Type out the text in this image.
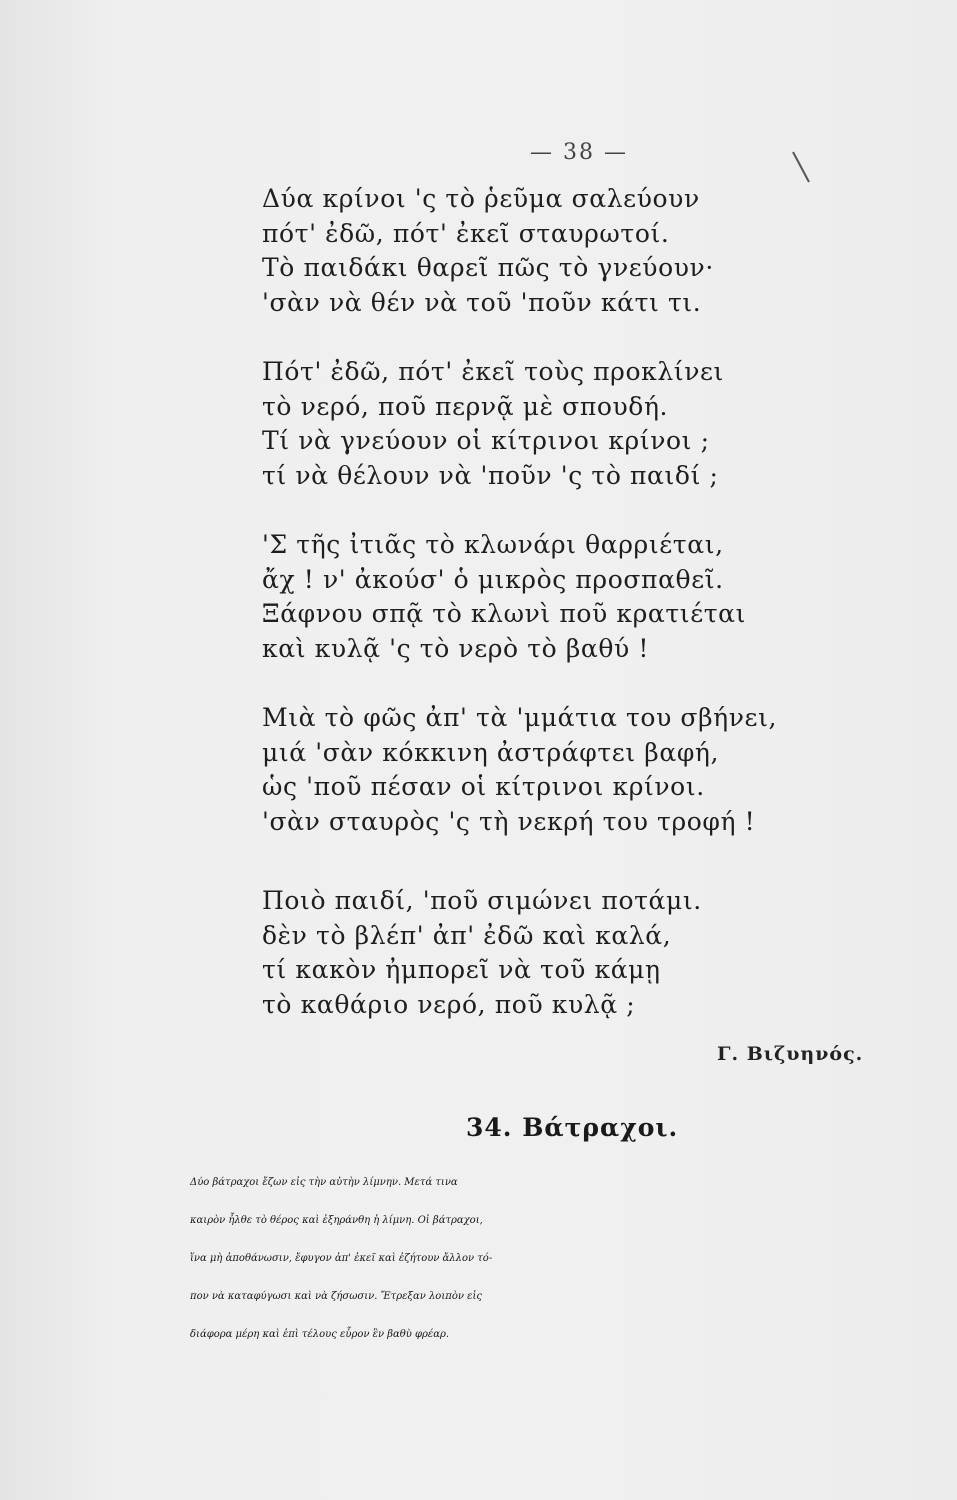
— 38 —
Δύα κρίνοι 'ς τὸ ῥεῦμα σαλεύουν
πότ' ἐδῶ, πότ' ἐκεῖ σταυρωτοί.
Τὸ παιδάκι θαρεῖ πῶς τὸ γνεύουν·
'σὰν νὰ θέν νὰ τοῦ 'ποῦν κάτι τι.
Πότ' ἐδῶ, πότ' ἐκεῖ τοὺς προκλίνει
τὸ νερό, ποῦ περνᾷ μὲ σπουδή.
Τί νὰ γνεύουν οἱ κίτρινοι κρίνοι ;
τί νὰ θέλουν νὰ 'ποῦν 'ς τὸ παιδί ;
'Σ τῆς ἰτιᾶς τὸ κλωνάρι θαρριέται,
ἄχ ! ν' ἀκούσ' ὁ μικρὸς προσπαθεῖ.
Ξάφνου σπᾷ τὸ κλωνὶ ποῦ κρατιέται
καὶ κυλᾷ 'ς τὸ νερὸ τὸ βαθύ !
Μιὰ τὸ φῶς ἀπ' τὰ 'μμάτια του σβήνει,
μιά 'σὰν κόκκινη ἀστράφτει βαφή,
ὡς 'ποῦ πέσαν οἱ κίτρινοι κρίνοι.
'σὰν σταυρὸς 'ς τὴ νεκρή του τροφή !
Ποιὸ παιδί, 'ποῦ σιμώνει ποτάμι.
δὲν τὸ βλέπ' ἀπ' ἐδῶ καὶ καλά,
τί κακὸν ἠμπορεῖ νὰ τοῦ κάμῃ
τὸ καθάριο νερό, ποῦ κυλᾷ ;
Γ. Βιζυηνός.
34. Βάτραχοι.
Δύο βάτραχοι ἔζων εἰς τὴν αὐτὴν λίμνην. Μετά τινα
καιρὸν ἦλθε τὸ θέρος καὶ ἐξηράνθη ἡ λίμνη. Οἱ βάτραχοι,
ἵνα μὴ ἀποθάνωσιν, ἔφυγον ἀπ' ἐκεῖ καὶ ἐζήτουν ἄλλον τό-
πον νὰ καταφύγωσι καὶ νὰ ζήσωσιν. Ἔτρεξαν λοιπὸν εἰς
διάφορα μέρη καὶ ἐπὶ τέλους εὗρον ἓν βαθὺ φρέαρ.
